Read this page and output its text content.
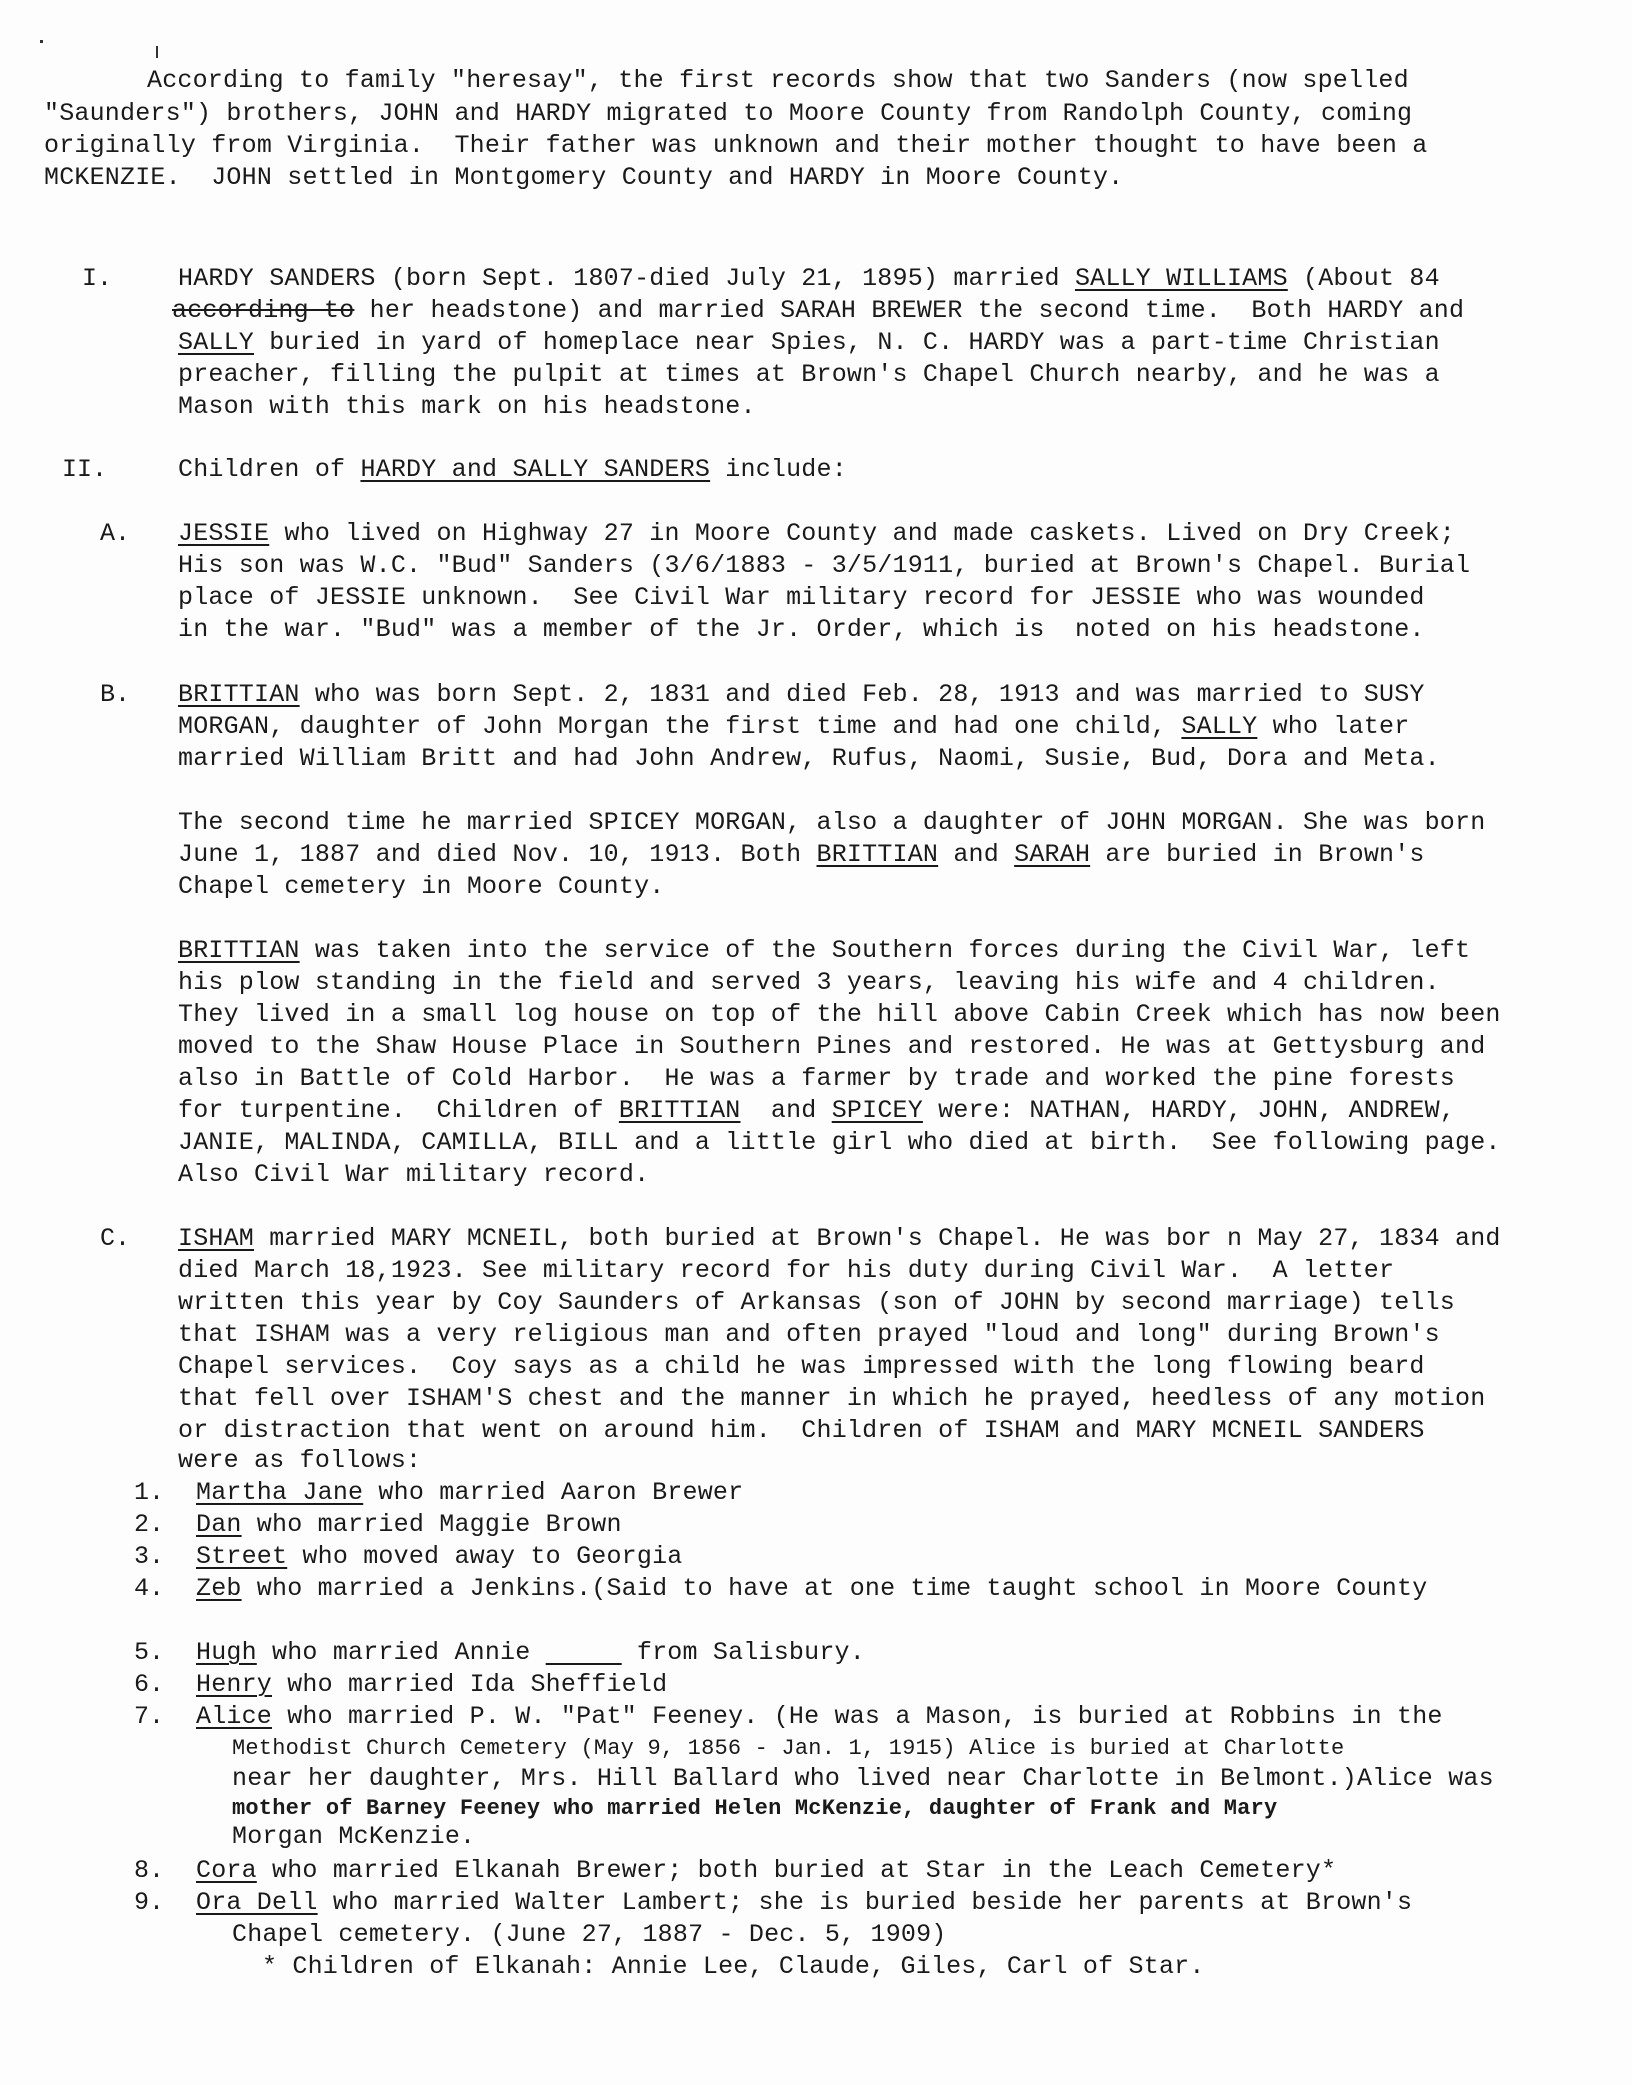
According to family "heresay", the first records show that two Sanders (now spelled
"Saunders") brothers, JOHN and HARDY migrated to Moore County from Randolph County, coming
originally from Virginia.  Their father was unknown and their mother thought to have been a
MCKENZIE.  JOHN settled in Montgomery County and HARDY in Moore County.
I.	HARDY SANDERS (born Sept. 1807-died July 21, 1895) married SALLY WILLIAMS (About 84
according to her headstone) and married SARAH BREWER the second time.  Both HARDY and
SALLY buried in yard of homeplace near Spies, N. C. HARDY was a part-time Christian
preacher, filling the pulpit at times at Brown's Chapel Church nearby, and he was a
Mason with this mark on his headstone.
II.	Children of HARDY and SALLY SANDERS include:
A. JESSIE who lived on Highway 27 in Moore County and made caskets. Lived on Dry Creek;
His son was W.C. "Bud" Sanders (3/6/1883 - 3/5/1911, buried at Brown's Chapel. Burial
place of JESSIE unknown.  See Civil War military record for JESSIE who was wounded
in the war. "Bud" was a member of the Jr. Order, which is  noted on his headstone.
B. BRITTIAN who was born Sept. 2, 1831 and died Feb. 28, 1913 and was married to SUSY
MORGAN, daughter of John Morgan the first time and had one child, SALLY who later
married William Britt and had John Andrew, Rufus, Naomi, Susie, Bud, Dora and Meta.
The second time he married SPICEY MORGAN, also a daughter of JOHN MORGAN. She was born
June 1, 1887 and died Nov. 10, 1913. Both BRITTIAN and SARAH are buried in Brown's
Chapel cemetery in Moore County.
BRITTIAN was taken into the service of the Southern forces during the Civil War, left
his plow standing in the field and served 3 years, leaving his wife and 4 children.
They lived in a small log house on top of the hill above Cabin Creek which has now been
moved to the Shaw House Place in Southern Pines and restored. He was at Gettysburg and
also in Battle of Cold Harbor.  He was a farmer by trade and worked the pine forests
for turpentine.  Children of BRITTIAN  and SPICEY were: NATHAN, HARDY, JOHN, ANDREW,
JANIE, MALINDA, CAMILLA, BILL and a little girl who died at birth.  See following page.
Also Civil War military record.
C. ISHAM married MARY MCNEIL, both buried at Brown's Chapel. He was bor n May 27, 1834 and
died March 18,1923. See military record for his duty during Civil War.  A letter
written this year by Coy Saunders of Arkansas (son of JOHN by second marriage) tells
that ISHAM was a very religious man and often prayed "loud and long" during Brown's
Chapel services.  Coy says as a child he was impressed with the long flowing beard
that fell over ISHAM'S chest and the manner in which he prayed, heedless of any motion
or distraction that went on around him.  Children of ISHAM and MARY MCNEIL SANDERS
were as follows:
1. Martha Jane who married Aaron Brewer
2. Dan who married Maggie Brown
3. Street who moved away to Georgia
4. Zeb who married a Jenkins.(Said to have at one time taught school in Moore County
5. Hugh who married Annie	from Salisbury.
6. Henry who married Ida Sheffield
7. Alice who married P. W. "Pat" Feeney. (He was a Mason, is buried at Robbins in the
Methodist Church Cemetery (May 9, 1856 - Jan. 1, 1915) Alice is buried at Charlotte
near her daughter, Mrs. Hill Ballard who lived near Charlotte in Belmont.)Alice was
mother of Barney Feeney who married Helen McKenzie, daughter of Frank and Mary
Morgan McKenzie.
8. Cora who married Elkanah Brewer; both buried at Star in the Leach Cemetery*
9. Ora Dell who married Walter Lambert; she is buried beside her parents at Brown's
Chapel cemetery. (June 27, 1887 - Dec. 5, 1909)
* Children of Elkanah: Annie Lee, Claude, Giles, Carl of Star.
